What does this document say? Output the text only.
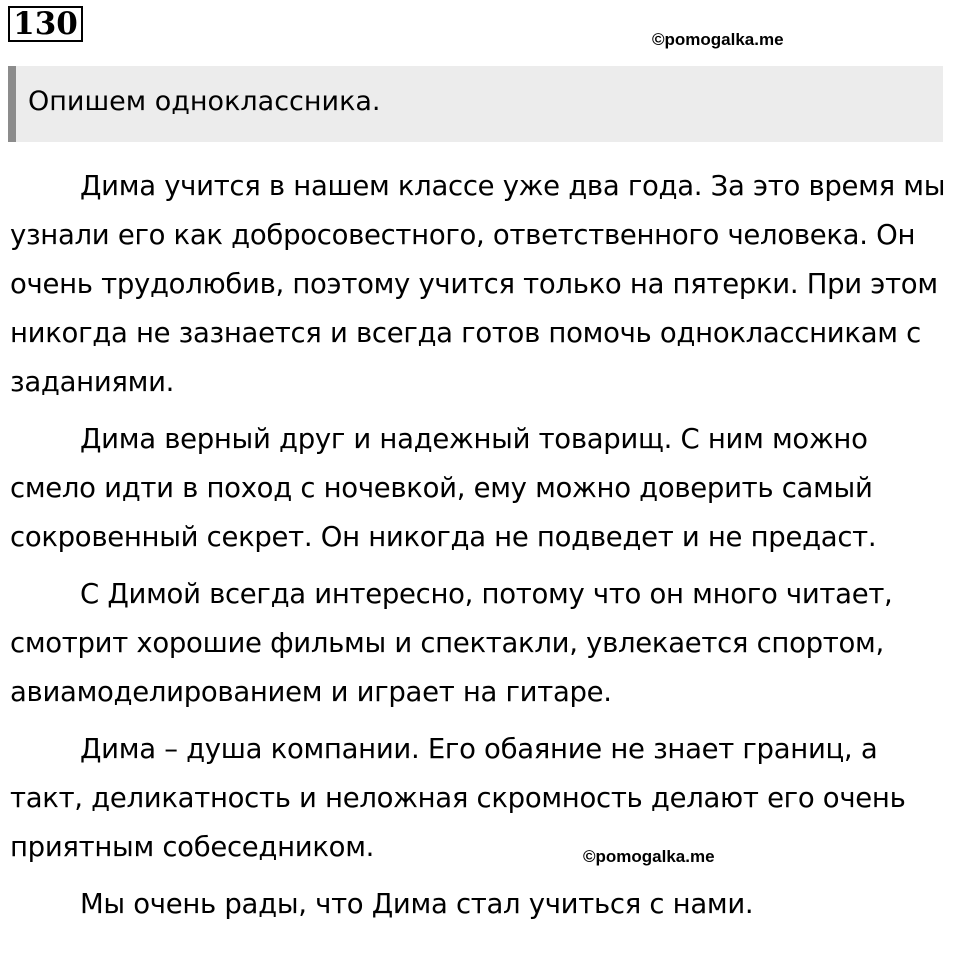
130	©pomogalka.me
Опишем одноклассника.

Дима учится в нашем классе уже два года. За это время мы узнали его как добросовестного, ответственного человека. Он очень трудолюбив, поэтому учится только на пятерки. При этом никогда не зазнается и всегда готов помочь одноклассникам с заданиями.

Дима верный друг и надежный товарищ. С ним можно смело идти в поход с ночевкой, ему можно доверить самый сокровенный секрет. Он никогда не подведет и не предаст.

С Димой всегда интересно, потому что он много читает, смотрит хорошие фильмы и спектакли, увлекается спортом, авиамоделированием и играет на гитаре.

Дима – душа компании. Его обаяние не знает границ, а такт, деликатность и неложная скромность делают его очень приятным собеседником.

Мы очень рады, что Дима стал учиться с нами.

©pomogalka.me
